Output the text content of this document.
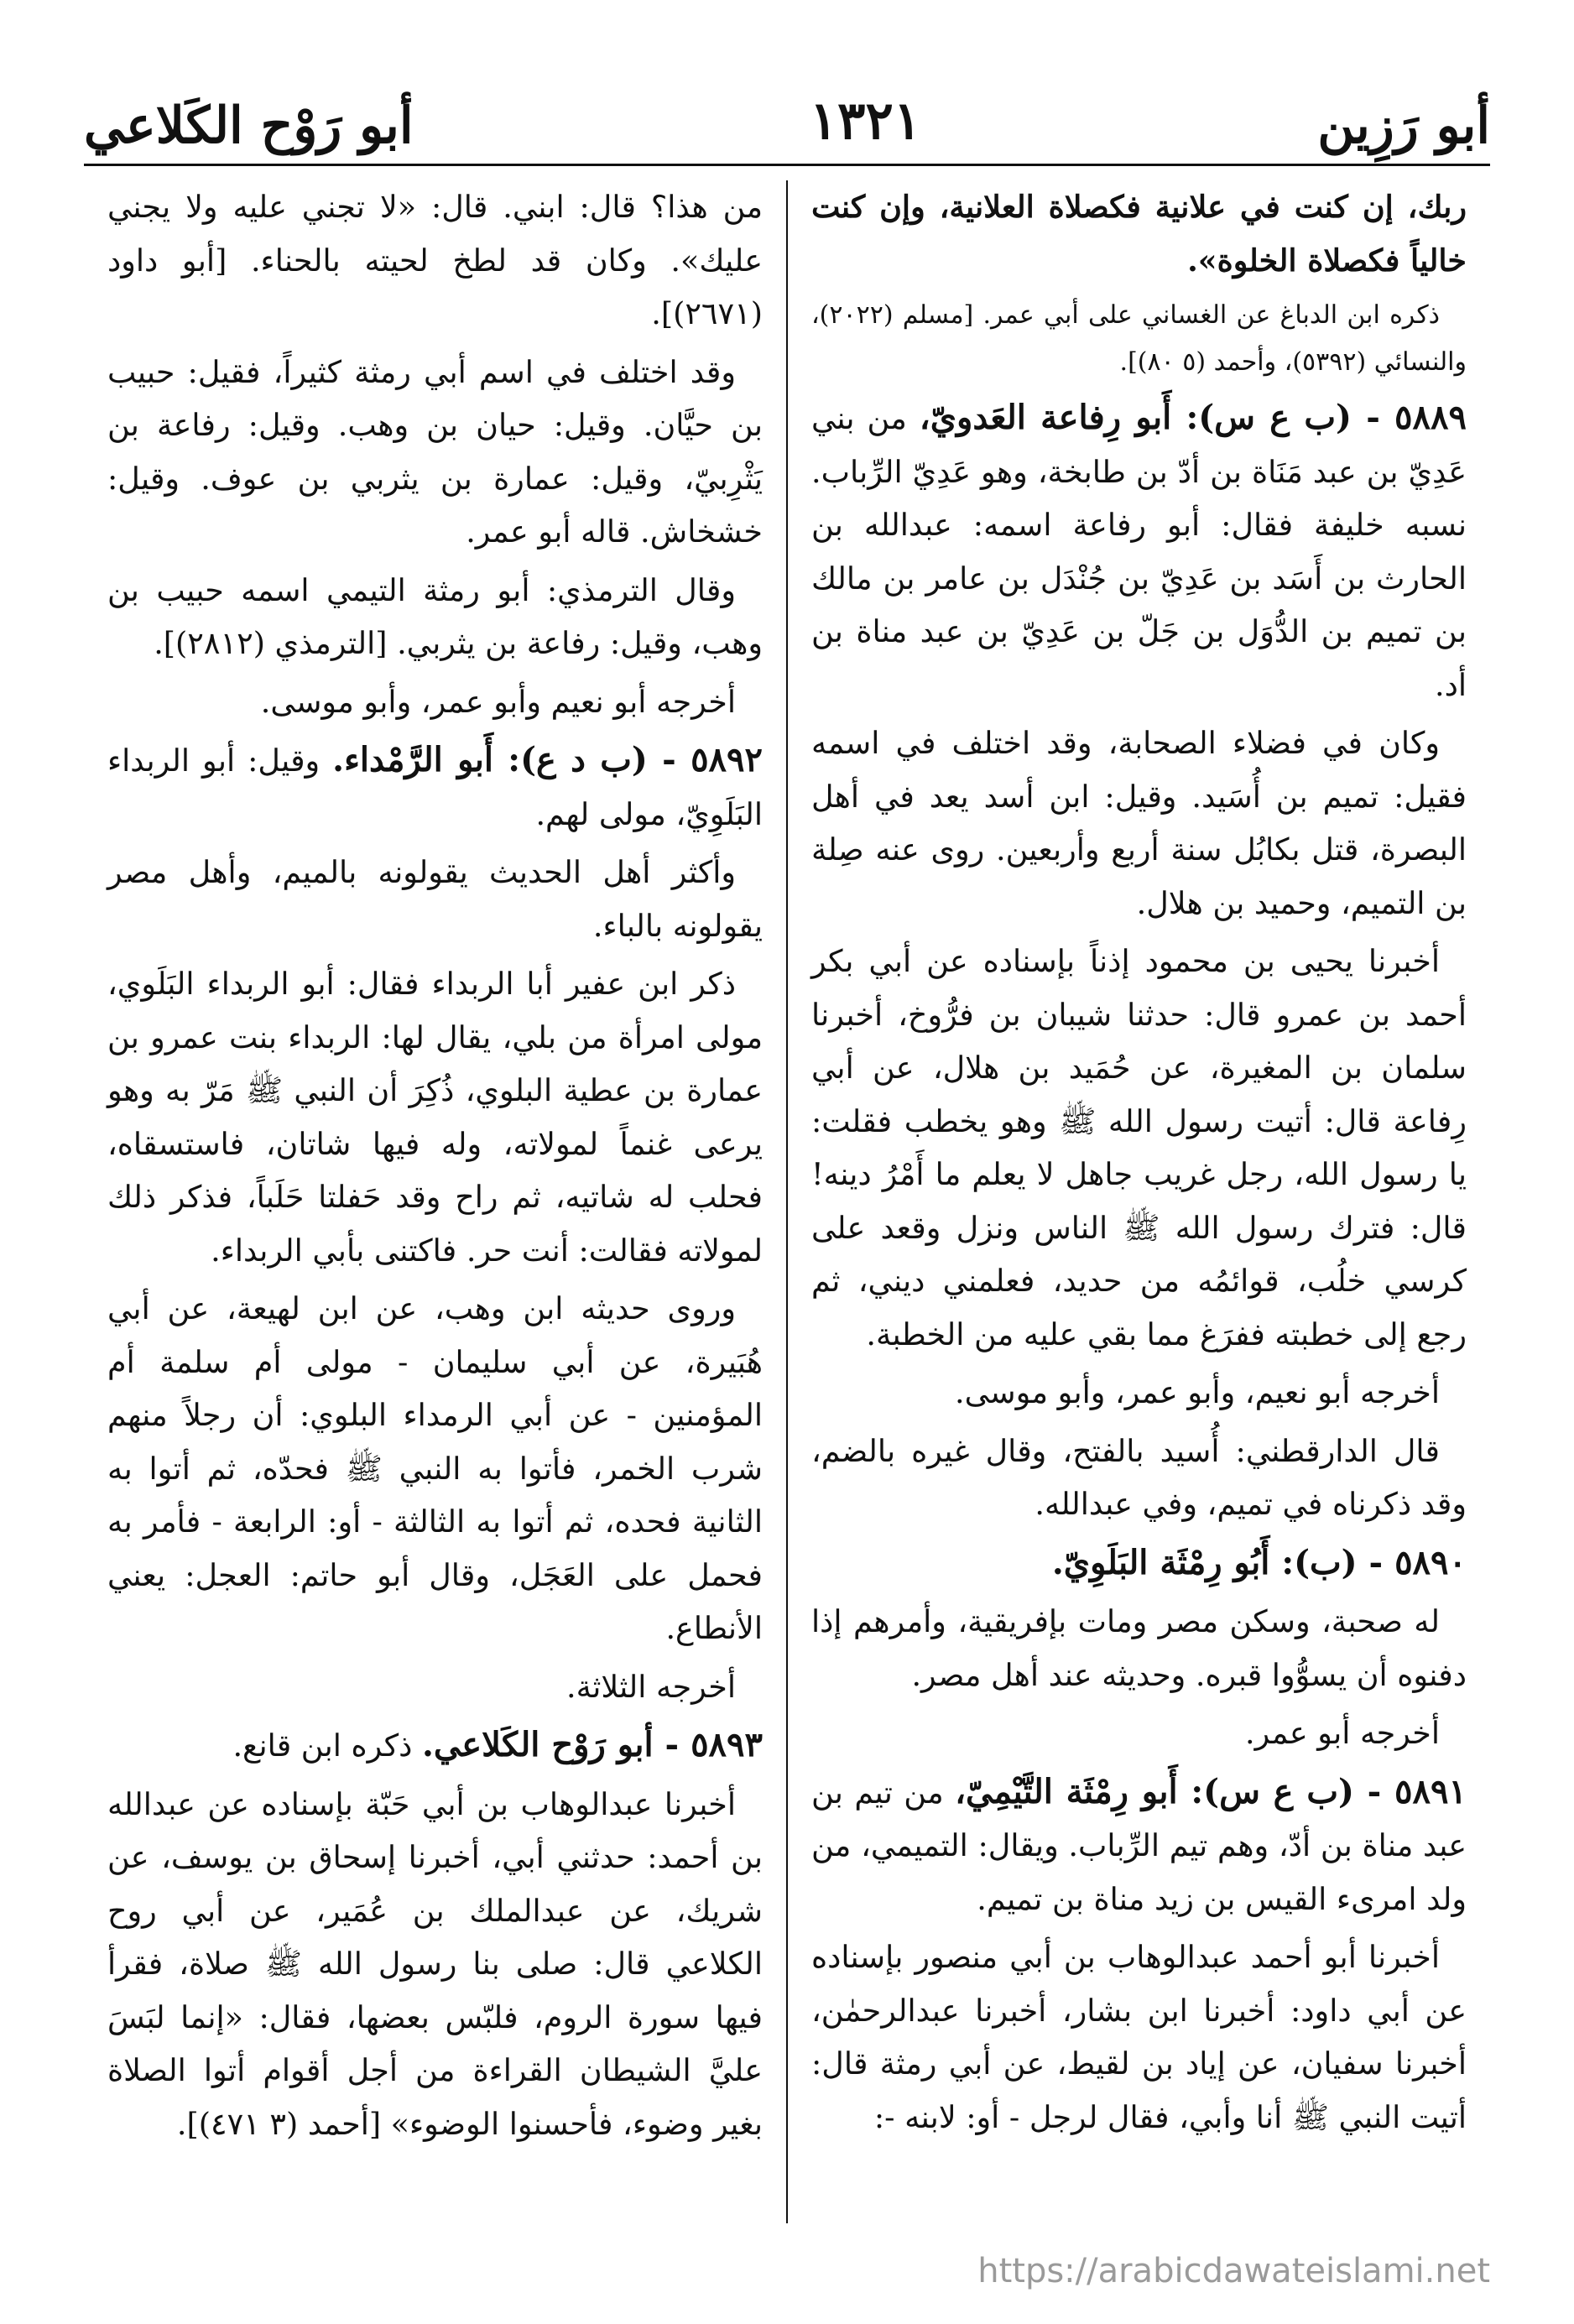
أبو رَزِين
١٣٢١
أبو رَوْح الكَلاعي

ربك، إن كنت في علانية فكصلاة العلانية، وإن كنت خالياً فكصلاة الخلوة».

ذكره ابن الدباغ عن الغساني على أبي عمر. [مسلم (٢٠٢٢)، والنسائي (٥٣٩٢)، وأحمد (٥ ٨٠)].

٥٨٨٩ - (ب ع س): أَبو رِفاعة العَدويّ، من بني عَدِيّ بن عبد مَنَاة بن أدّ بن طابخة، وهو عَدِيّ الرِّباب. نسبه خليفة فقال: أبو رفاعة اسمه: عبدالله بن الحارث بن أَسَد بن عَدِيّ بن جُنْدَل بن عامر بن مالك بن تميم بن الدُّوَل بن جَلّ بن عَدِيّ بن عبد مناة بن أد.

وكان في فضلاء الصحابة، وقد اختلف في اسمه فقيل: تميم بن أُسَيد. وقيل: ابن أسد يعد في أهل البصرة، قتل بكابُل سنة أربع وأربعين. روى عنه صِلة بن التميم، وحميد بن هلال.

أخبرنا يحيى بن محمود إذناً بإسناده عن أبي بكر أحمد بن عمرو قال: حدثنا شيبان بن فرُّوخ، أخبرنا سلمان بن المغيرة، عن حُمَيد بن هلال، عن أبي رِفاعة قال: أتيت رسول الله ﷺ وهو يخطب فقلت: يا رسول الله، رجل غريب جاهل لا يعلم ما أَمْرُ دينه! قال: فترك رسول الله ﷺ الناس ونزل وقعد على كرسي خلُب، قوائمُه من حديد، فعلمني ديني، ثم رجع إلى خطبته ففرَغ مما بقي عليه من الخطبة.

أخرجه أبو نعيم، وأبو عمر، وأبو موسى.

قال الدارقطني: أُسيد بالفتح، وقال غيره بالضم، وقد ذكرناه في تميم، وفي عبدالله.

٥٨٩٠ - (ب): أَبُو رِمْثَة البَلَوِيّ.

له صحبة، وسكن مصر ومات بإفريقية، وأمرهم إذا دفنوه أن يسوُّوا قبره. وحديثه عند أهل مصر.

أخرجه أبو عمر.

٥٨٩١ - (ب ع س): أَبو رِمْثَة التَّيْمِيّ، من تيم بن عبد مناة بن أدّ، وهم تيم الرِّباب. ويقال: التميمي، من ولد امرىء القيس بن زيد مناة بن تميم.

أخبرنا أبو أحمد عبدالوهاب بن أبي منصور بإسناده عن أبي داود: أخبرنا ابن بشار، أخبرنا عبدالرحمٰن، أخبرنا سفيان، عن إياد بن لقيط، عن أبي رمثة قال: أتيت النبي ﷺ أنا وأبي، فقال لرجل - أو: لابنه -:

من هذا؟ قال: ابني. قال: «لا تجني عليه ولا يجني عليك». وكان قد لطخ لحيته بالحناء. [أبو داود (٢٦٧١)].

وقد اختلف في اسم أبي رمثة كثيراً، فقيل: حبيب بن حيَّان. وقيل: حيان بن وهب. وقيل: رفاعة بن يَثْرِبيّ، وقيل: عمارة بن يثربي بن عوف. وقيل: خشخاش. قاله أبو عمر.

وقال الترمذي: أبو رمثة التيمي اسمه حبيب بن وهب، وقيل: رفاعة بن يثربي. [الترمذي (٢٨١٢)].

أخرجه أبو نعيم وأبو عمر، وأبو موسى.

٥٨٩٢ - (ب د ع): أَبو الرَّمْداء. وقيل: أبو الربداء البَلَوِيّ، مولى لهم.

وأكثر أهل الحديث يقولونه بالميم، وأهل مصر يقولونه بالباء.

ذكر ابن عفير أبا الربداء فقال: أبو الربداء البَلَوي، مولى امرأة من بلي، يقال لها: الربداء بنت عمرو بن عمارة بن عطية البلوي، ذُكِرَ أن النبي ﷺ مَرّ به وهو يرعى غنماً لمولاته، وله فيها شاتان، فاستسقاه، فحلب له شاتيه، ثم راح وقد حَفلتا حَلَباً، فذكر ذلك لمولاته فقالت: أنت حر. فاكتنى بأبي الربداء.

وروى حديثه ابن وهب، عن ابن لهيعة، عن أبي هُبَيرة، عن أبي سليمان - مولى أم سلمة أم المؤمنين - عن أبي الرمداء البلوي: أن رجلاً منهم شرب الخمر، فأتوا به النبي ﷺ فحدّه، ثم أتوا به الثانية فحده، ثم أتوا به الثالثة - أو: الرابعة - فأمر به فحمل على العَجَل، وقال أبو حاتم: العجل: يعني الأنطاع.

أخرجه الثلاثة.

٥٨٩٣ - أبو رَوْح الكَلاعي. ذكره ابن قانع.

أخبرنا عبدالوهاب بن أبي حَبّة بإسناده عن عبدالله بن أحمد: حدثني أبي، أخبرنا إسحاق بن يوسف، عن شريك، عن عبدالملك بن عُمَير، عن أبي روح الكلاعي قال: صلى بنا رسول الله ﷺ صلاة، فقرأ فيها سورة الروم، فلبّس بعضها، فقال: «إنما لبَسَ عليَّ الشيطان القراءة من أجل أقوام أتوا الصلاة بغير وضوء، فأحسنوا الوضوء» [أحمد (٣ ٤٧١)].

https://arabicdawateislami.net
